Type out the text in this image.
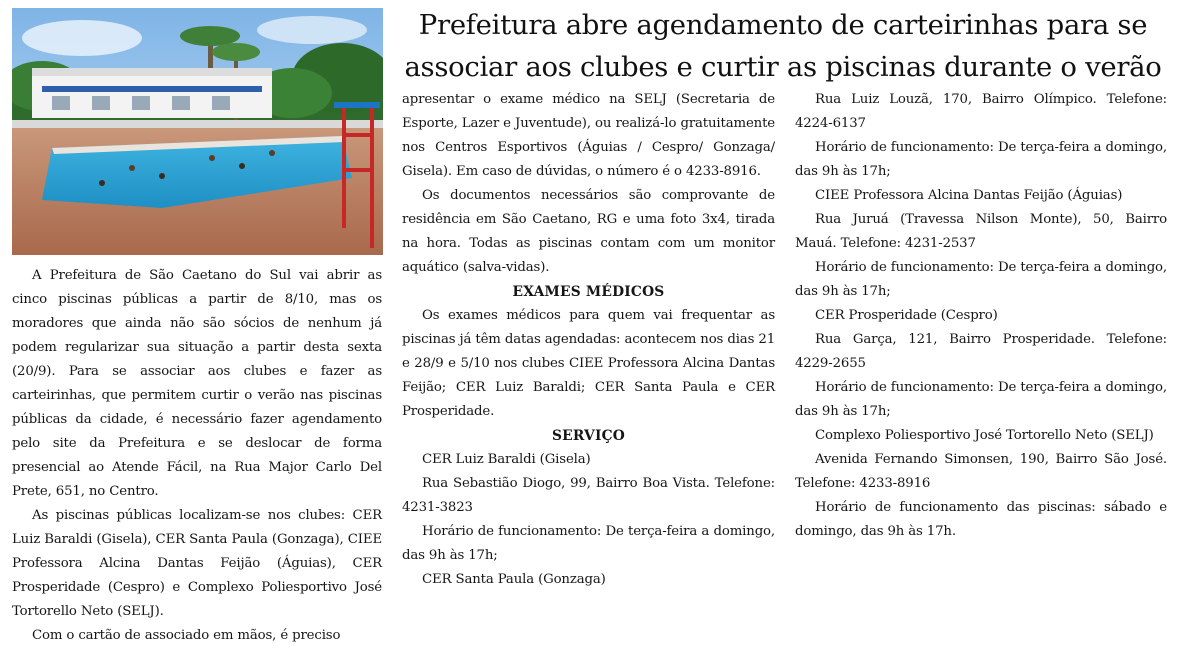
Prefeitura abre agendamento de carteirinhas para se associar aos clubes e curtir as piscinas durante o verão

A Prefeitura de São Caetano do Sul vai abrir as cinco piscinas públicas a partir de 8/10, mas os moradores que ainda não são sócios de nenhum já podem regularizar sua situação a partir desta sexta (20/9). Para se associar aos clubes e fazer as carteirinhas, que permitem curtir o verão nas piscinas públicas da cidade, é necessário fazer agendamento pelo site da Prefeitura e se deslocar de forma presencial ao Atende Fácil, na Rua Major Carlo Del Prete, 651, no Centro.

As piscinas públicas localizam-se nos clubes: CER Luiz Baraldi (Gisela), CER Santa Paula (Gonzaga), CIEE Professora Alcina Dantas Feijão (Águias), CER Prosperidade (Cespro) e Complexo Poliesportivo José Tortorello Neto (SELJ).

Com o cartão de associado em mãos, é preciso

apresentar o exame médico na SELJ (Secretaria de Esporte, Lazer e Juventude), ou realizá-lo gratuitamente nos Centros Esportivos (Águias / Cespro/ Gonzaga/ Gisela). Em caso de dúvidas, o número é o 4233-8916.

Os documentos necessários são comprovante de residência em São Caetano, RG e uma foto 3x4, tirada na hora. Todas as piscinas contam com um monitor aquático (salva-vidas).

EXAMES MÉDICOS

Os exames médicos para quem vai frequentar as piscinas já têm datas agendadas: acontecem nos dias 21 e 28/9 e 5/10 nos clubes CIEE Professora Alcina Dantas Feijão; CER Luiz Baraldi; CER Santa Paula e CER Prosperidade.

SERVIÇO

CER Luiz Baraldi (Gisela)

Rua Sebastião Diogo, 99, Bairro Boa Vista. Telefone: 4231-3823

Horário de funcionamento: De terça-feira a domingo, das 9h às 17h;

CER Santa Paula (Gonzaga)

Rua Luiz Louzã, 170, Bairro Olímpico. Telefone: 4224-6137

Horário de funcionamento: De terça-feira a domingo, das 9h às 17h;

CIEE Professora Alcina Dantas Feijão (Águias)

Rua Juruá (Travessa Nilson Monte), 50, Bairro Mauá. Telefone: 4231-2537

Horário de funcionamento: De terça-feira a domingo, das 9h às 17h;

CER Prosperidade (Cespro)

Rua Garça, 121, Bairro Prosperidade. Telefone: 4229-2655

Horário de funcionamento: De terça-feira a domingo, das 9h às 17h;

Complexo Poliesportivo José Tortorello Neto (SELJ)

Avenida Fernando Simonsen, 190, Bairro São José. Telefone: 4233-8916

Horário de funcionamento das piscinas: sábado e domingo, das 9h às 17h.
